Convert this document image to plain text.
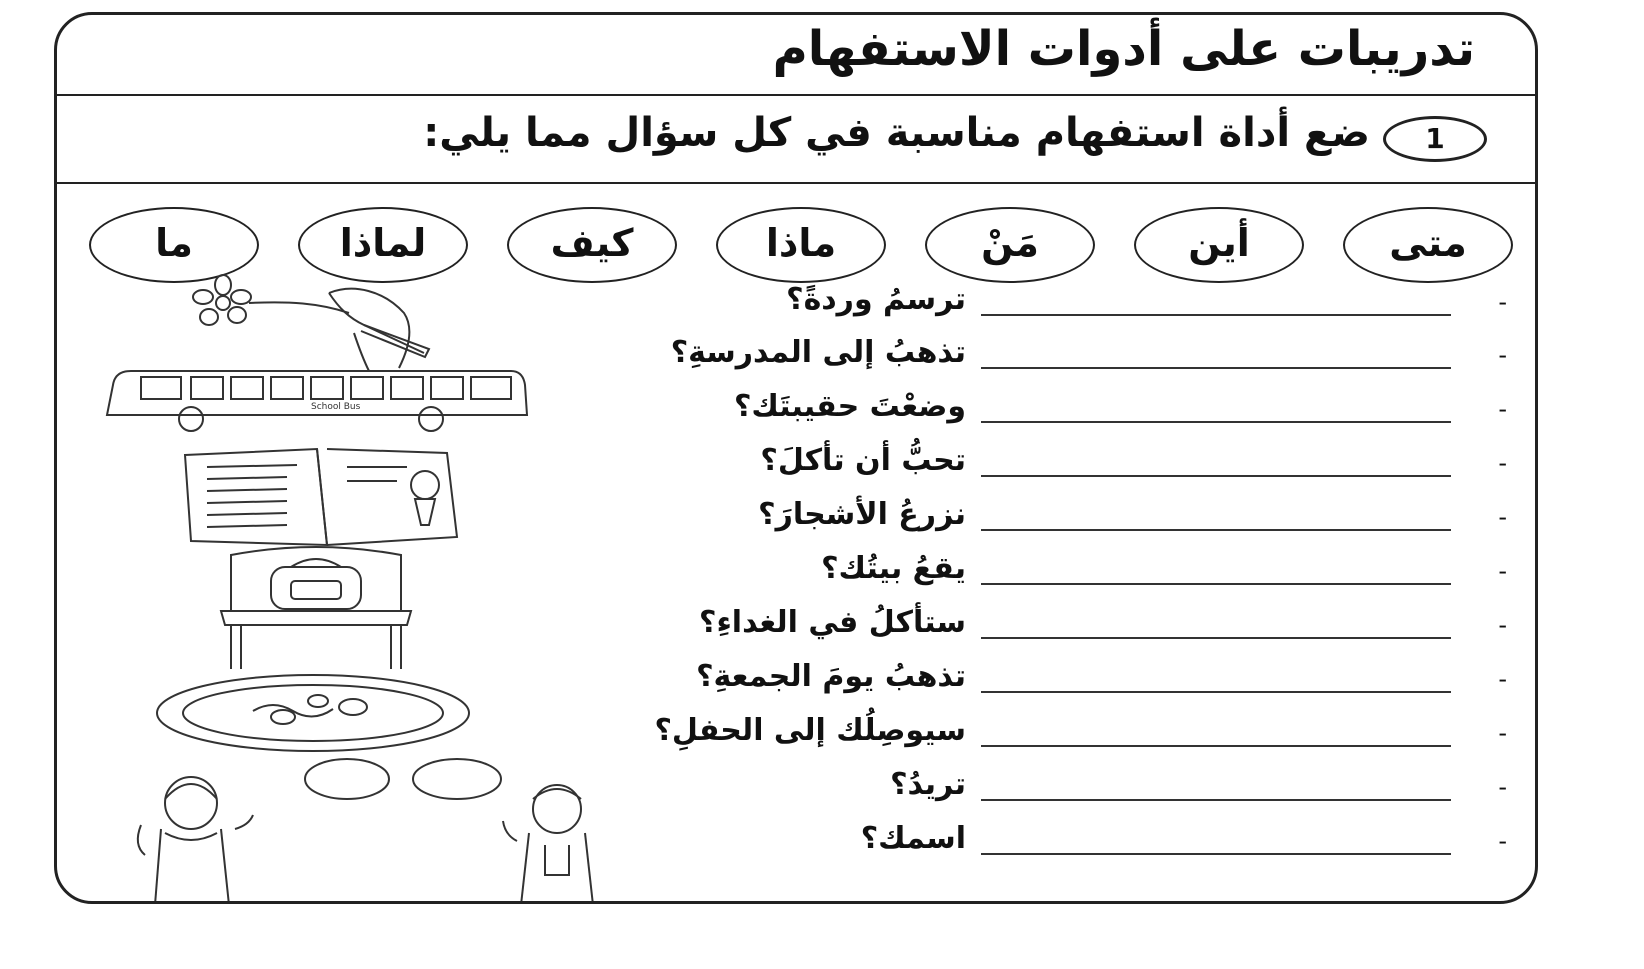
تدريبات على أدوات الاستفهام
1
ضع أداة استفهام مناسبة في كل سؤال مما يلي:
متى
أين
مَنْ
ماذا
كيف
لماذا
ما
-
ترسمُ وردةً؟
-
تذهبُ إلى المدرسةِ؟
-
وضعْتَ حقيبتَك؟
-
تحبُّ أن تأكلَ؟
-
نزرعُ الأشجارَ؟
-
يقعُ بيتُك؟
-
ستأكلُ في الغداءِ؟
-
تذهبُ يومَ الجمعةِ؟
-
سيوصِلُك إلى الحفلِ؟
-
تريدُ؟
-
اسمك؟
School Bus
